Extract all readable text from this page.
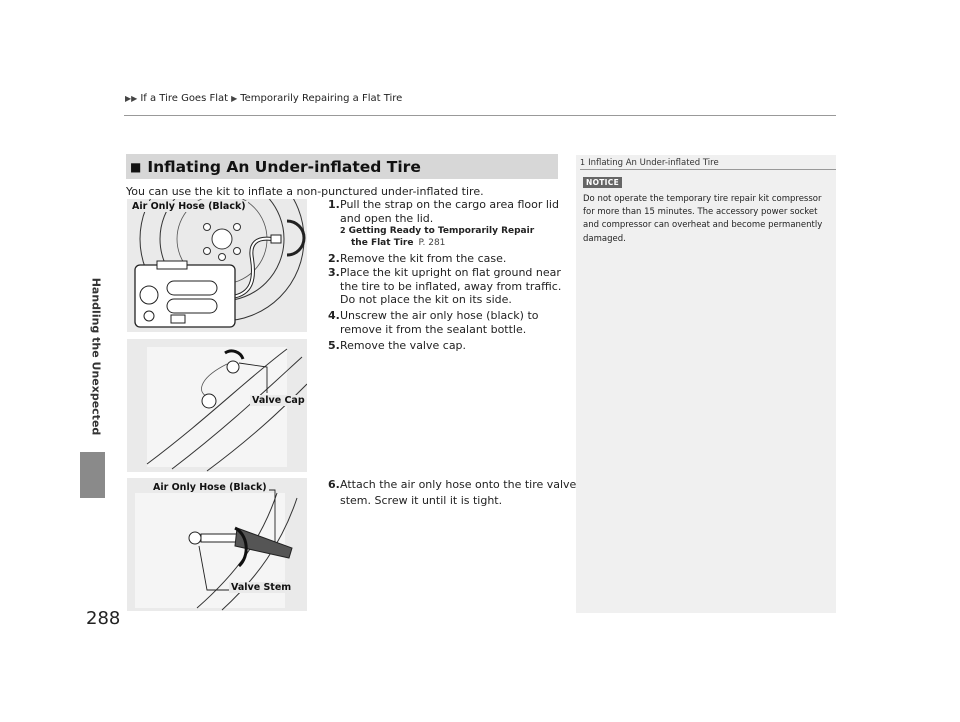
▶▶ If a Tire Goes Flat ▶ Temporarily Repairing a Flat Tire
Handling the Unexpected
288
■ Inflating An Under-inflated Tire
You can use the kit to inflate a non-punctured under-inflated tire.
Air Only Hose (Black)
Valve Cap
Air Only Hose (Black)
Valve Stem
1.Pull the strap on the cargo area floor lid
and open the lid.
2 Getting Ready to Temporarily Repair
the Flat Tire P. 281
2.Remove the kit from the case.
3.Place the kit upright on flat ground near
the tire to be inflated, away from traffic.
Do not place the kit on its side.
4.Unscrew the air only hose (black) to
remove it from the sealant bottle.
5.Remove the valve cap.
6.Attach the air only hose onto the tire valve
stem. Screw it until it is tight.
1 Inflating An Under-inflated Tire
NOTICE
Do not operate the temporary tire repair kit compressor for more than 15 minutes. The accessory power socket and compressor can overheat and become permanently damaged.
